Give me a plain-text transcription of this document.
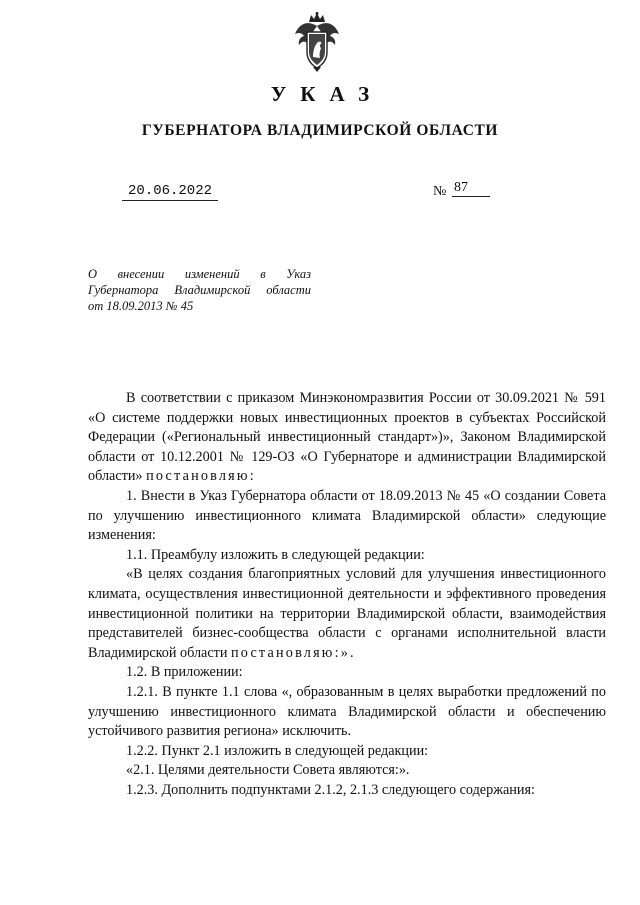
УКАЗ
ГУБЕРНАТОРА ВЛАДИМИРСКОЙ ОБЛАСТИ
20.06.2022	№ 87
О внесении изменений в Указ
Губернатора Владимирской области
от 18.09.2013 № 45

В соответствии с приказом Минэкономразвития России от 30.09.2021 № 591 «О системе поддержки новых инвестиционных проектов в субъектах Российской Федерации («Региональный инвестиционный стандарт»)», Законом Владимирской области от 10.12.2001 № 129-ОЗ «О Губернаторе и администрации Владимирской области» постановляю:

1. Внести в Указ Губернатора области от 18.09.2013 № 45 «О создании Совета по улучшению инвестиционного климата Владимирской области» следующие изменения:

1.1. Преамбулу изложить в следующей редакции:

«В целях создания благоприятных условий для улучшения инвестиционного климата, осуществления инвестиционной деятельности и эффективного проведения инвестиционной политики на территории Владимирской области, взаимодействия представителей бизнес-сообщества области с органами исполнительной власти Владимирской области постановляю:».

1.2. В приложении:

1.2.1. В пункте 1.1 слова «, образованным в целях выработки предложений по улучшению инвестиционного климата Владимирской области и обеспечению устойчивого развития региона» исключить.

1.2.2. Пункт 2.1 изложить в следующей редакции:

«2.1. Целями деятельности Совета являются:».

1.2.3. Дополнить подпунктами 2.1.2, 2.1.3 следующего содержания:
